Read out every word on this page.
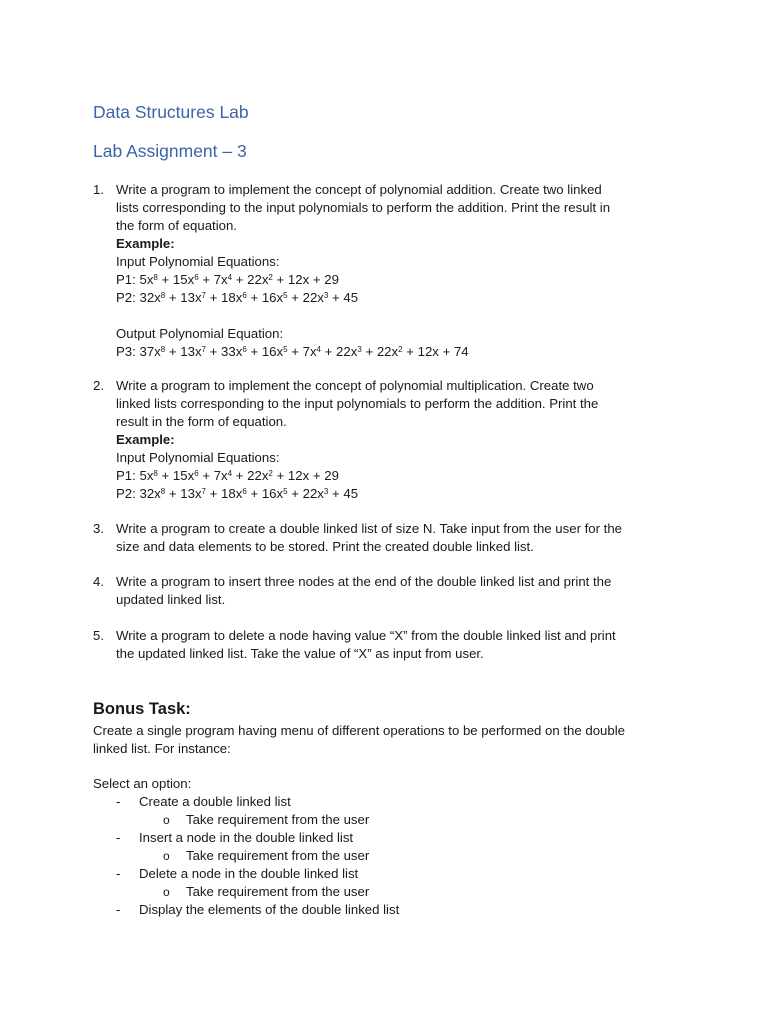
Data Structures Lab
Lab Assignment – 3
1. Write a program to implement the concept of polynomial addition. Create two linked
lists corresponding to the input polynomials to perform the addition. Print the result in
the form of equation.
Example:
Input Polynomial Equations:
P1: $5x^8 + 15x^6 + 7x^4 + 22x^2 + 12x + 29$
P2: $32x^8 + 13x^7 + 18x^6 + 16x^5 + 22x^3 + 45$
Output Polynomial Equation:
P3: $37x^8 + 13x^7 + 33x^6 + 16x^5 + 7x^4 + 22x^3 + 22x^2 + 12x + 74$
2. Write a program to implement the concept of polynomial multiplication. Create two
linked lists corresponding to the input polynomials to perform the addition. Print the
result in the form of equation.
Example:
Input Polynomial Equations:
P1: $5x^8 + 15x^6 + 7x^4 + 22x^2 + 12x + 29$
P2: $32x^8 + 13x^7 + 18x^6 + 16x^5 + 22x^3 + 45$
3. Write a program to create a double linked list of size N. Take input from the user for the
size and data elements to be stored. Print the created double linked list.
4. Write a program to insert three nodes at the end of the double linked list and print the
updated linked list.
5. Write a program to delete a node having value “X” from the double linked list and print
the updated linked list. Take the value of “X” as input from user.
Bonus Task:
Create a single program having menu of different operations to be performed on the double
linked list. For instance:
Select an option:
- Create a double linked list
o Take requirement from the user
- Insert a node in the double linked list
o Take requirement from the user
- Delete a node in the double linked list
o Take requirement from the user
- Display the elements of the double linked list
